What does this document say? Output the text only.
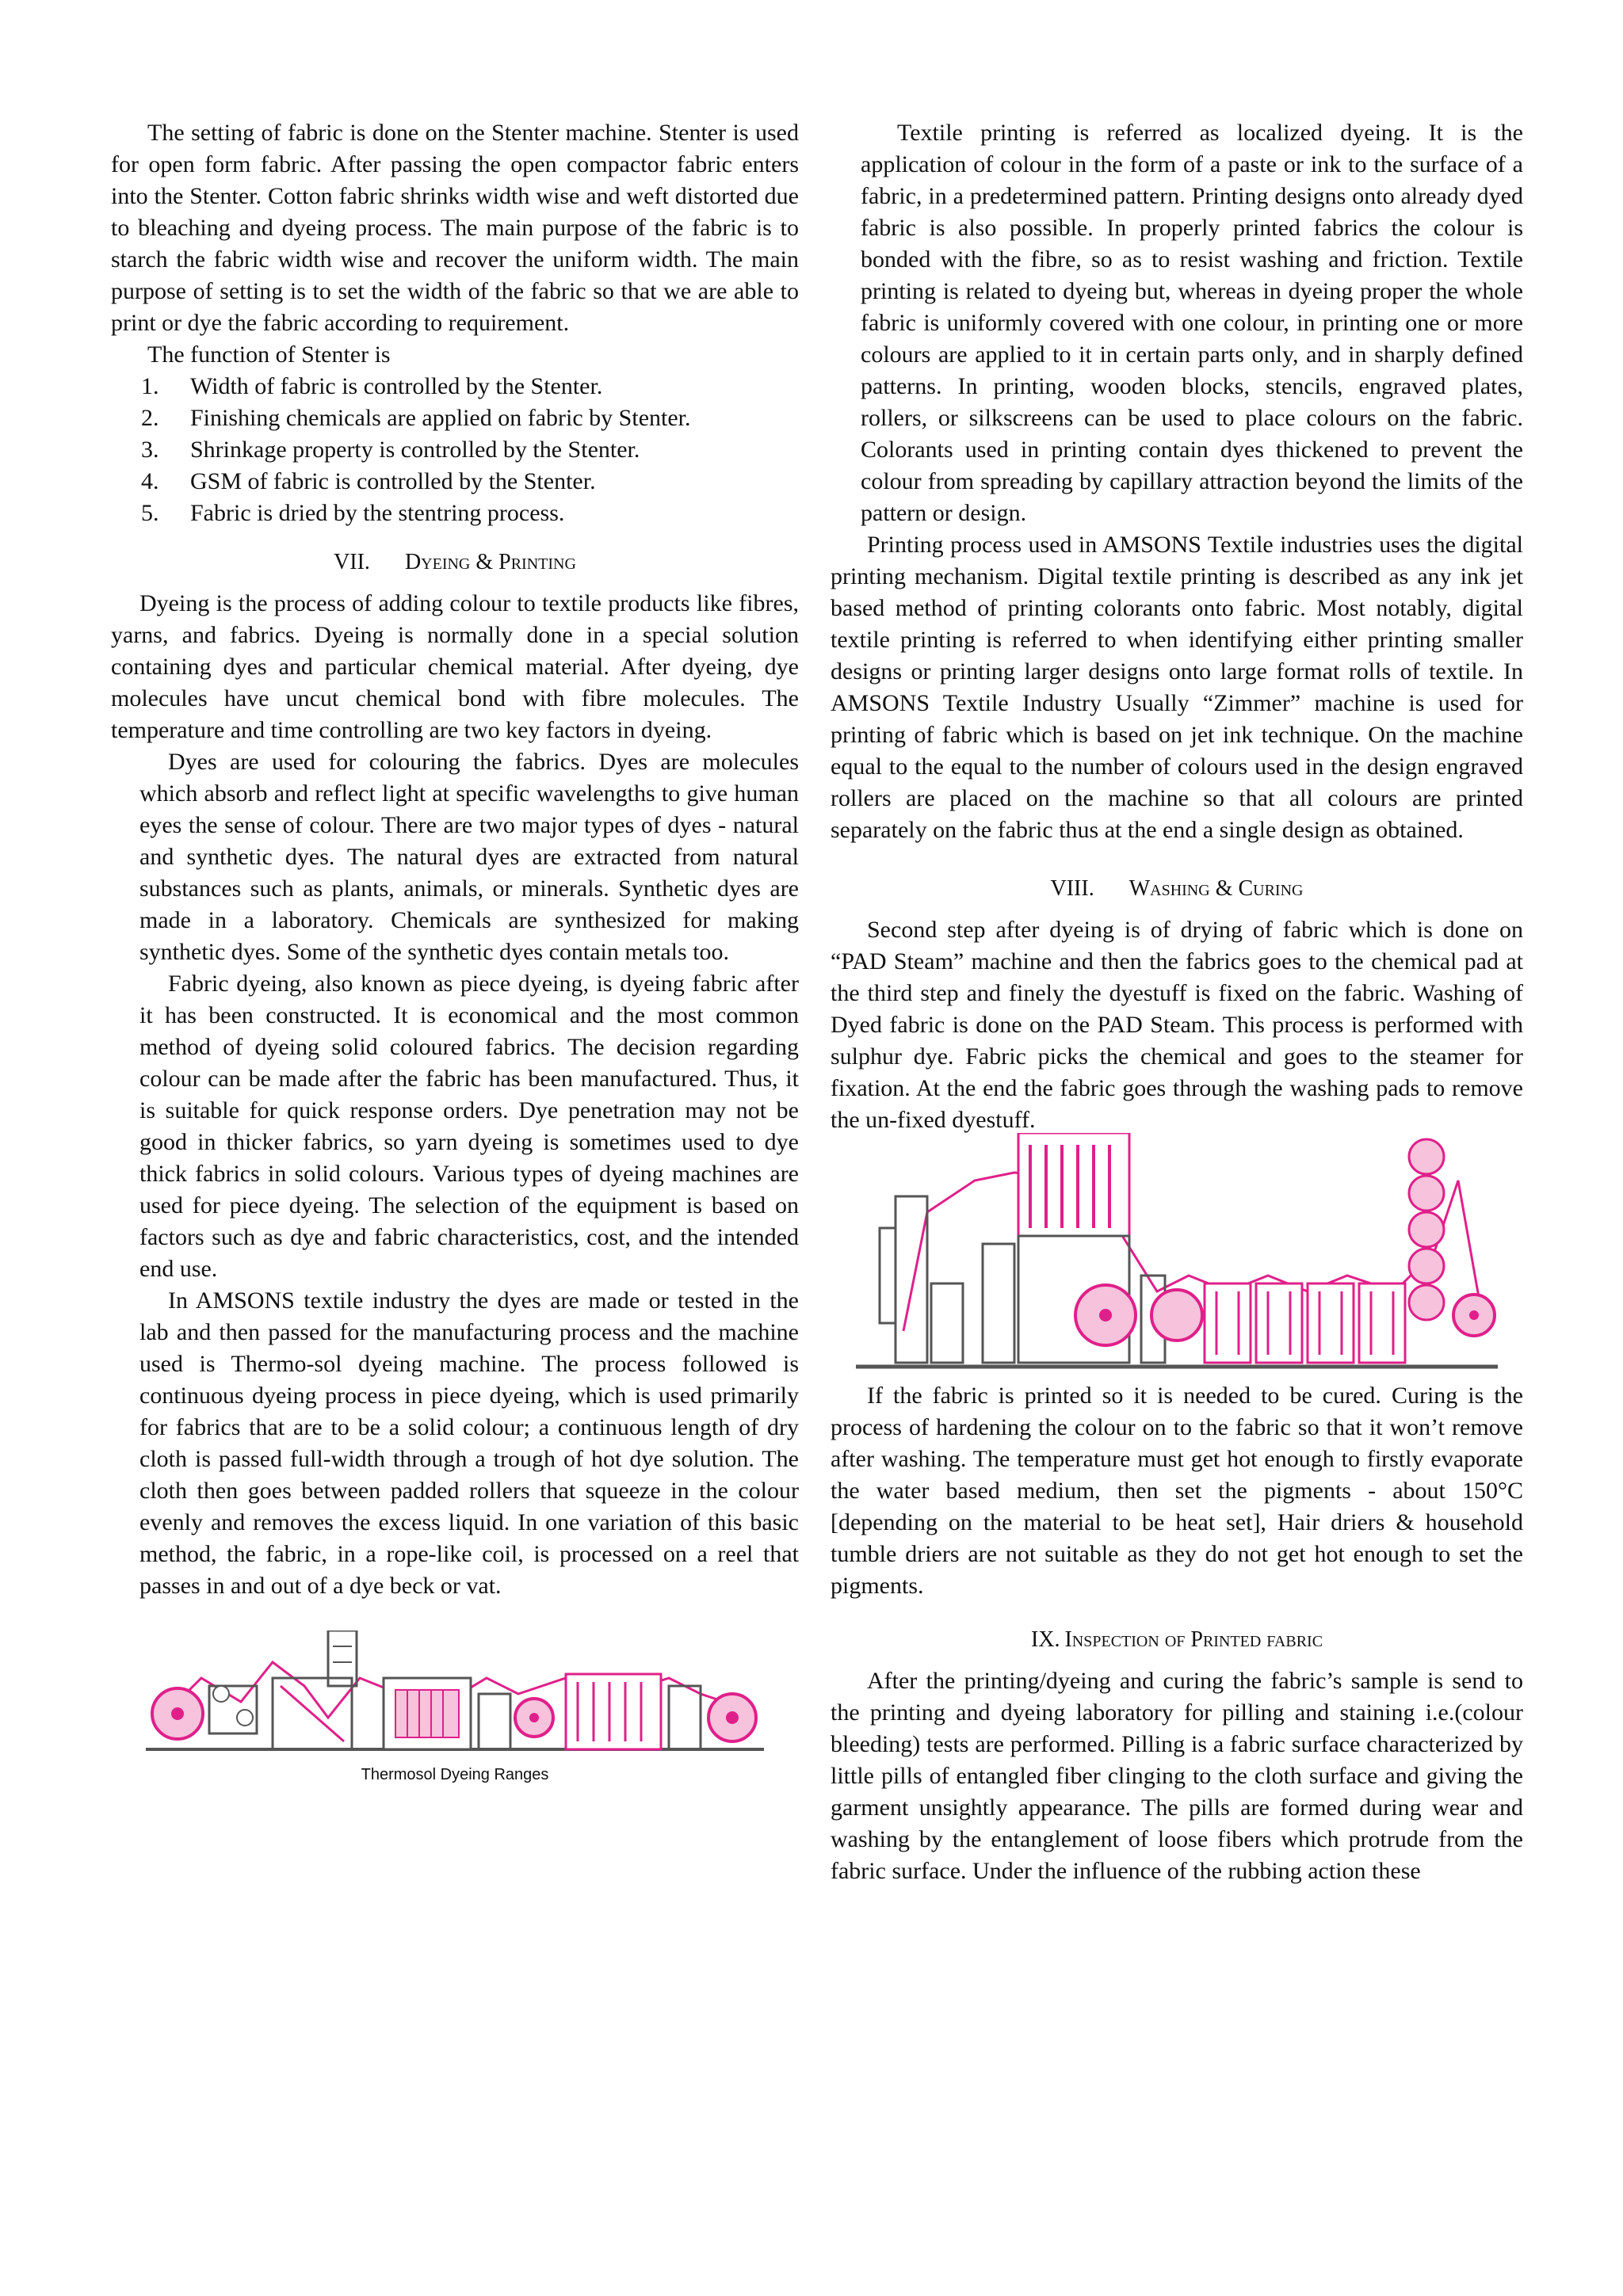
The setting of fabric is done on the Stenter machine. Stenter is used for open form fabric. After passing the open compactor fabric enters into the Stenter. Cotton fabric shrinks width wise and weft distorted due to bleaching and dyeing process. The main purpose of the fabric is to starch the fabric width wise and recover the uniform width. The main purpose of setting is to set the width of the fabric so that we are able to print or dye the fabric according to requirement.

The function of Stenter is

1. Width of fabric is controlled by the Stenter.
2. Finishing chemicals are applied on fabric by Stenter.
3. Shrinkage property is controlled by the Stenter.
4. GSM of fabric is controlled by the Stenter.
5. Fabric is dried by the stentring process.
VII. Dyeing & Printing

Dyeing is the process of adding colour to textile products like fibres, yarns, and fabrics. Dyeing is normally done in a special solution containing dyes and particular chemical material. After dyeing, dye molecules have uncut chemical bond with fibre molecules. The temperature and time controlling are two key factors in dyeing.

Dyes are used for colouring the fabrics. Dyes are molecules which absorb and reflect light at specific wavelengths to give human eyes the sense of colour. There are two major types of dyes - natural and synthetic dyes. The natural dyes are extracted from natural substances such as plants, animals, or minerals. Synthetic dyes are made in a laboratory. Chemicals are synthesized for making synthetic dyes. Some of the synthetic dyes contain metals too.

Fabric dyeing, also known as piece dyeing, is dyeing fabric after it has been constructed. It is economical and the most common method of dyeing solid coloured fabrics. The decision regarding colour can be made after the fabric has been manufactured. Thus, it is suitable for quick response orders. Dye penetration may not be good in thicker fabrics, so yarn dyeing is sometimes used to dye thick fabrics in solid colours. Various types of dyeing machines are used for piece dyeing. The selection of the equipment is based on factors such as dye and fabric characteristics, cost, and the intended end use.

In AMSONS textile industry the dyes are made or tested in the lab and then passed for the manufacturing process and the machine used is Thermo-sol dyeing machine. The process followed is continuous dyeing process in piece dyeing, which is used primarily for fabrics that are to be a solid colour; a continuous length of dry cloth is passed full-width through a trough of hot dye solution. The cloth then goes between padded rollers that squeeze in the colour evenly and removes the excess liquid. In one variation of this basic method, the fabric, in a rope-like coil, is processed on a reel that passes in and out of a dye beck or vat.

Thermosol Dyeing Ranges

Textile printing is referred as localized dyeing. It is the application of colour in the form of a paste or ink to the surface of a fabric, in a predetermined pattern. Printing designs onto already dyed fabric is also possible. In properly printed fabrics the colour is bonded with the fibre, so as to resist washing and friction. Textile printing is related to dyeing but, whereas in dyeing proper the whole fabric is uniformly covered with one colour, in printing one or more colours are applied to it in certain parts only, and in sharply defined patterns. In printing, wooden blocks, stencils, engraved plates, rollers, or silkscreens can be used to place colours on the fabric. Colorants used in printing contain dyes thickened to prevent the colour from spreading by capillary attraction beyond the limits of the pattern or design.

Printing process used in AMSONS Textile industries uses the digital printing mechanism. Digital textile printing is described as any ink jet based method of printing colorants onto fabric. Most notably, digital textile printing is referred to when identifying either printing smaller designs or printing larger designs onto large format rolls of textile. In AMSONS Textile Industry Usually “Zimmer” machine is used for printing of fabric which is based on jet ink technique. On the machine equal to the equal to the number of colours used in the design engraved rollers are placed on the machine so that all colours are printed separately on the fabric thus at the end a single design as obtained.

VIII. Washing & Curing

Second step after dyeing is of drying of fabric which is done on “PAD Steam” machine and then the fabrics goes to the chemical pad at the third step and finely the dyestuff is fixed on the fabric. Washing of Dyed fabric is done on the PAD Steam. This process is performed with sulphur dye. Fabric picks the chemical and goes to the steamer for fixation. At the end the fabric goes through the washing pads to remove the un-fixed dyestuff.

If the fabric is printed so it is needed to be cured. Curing is the process of hardening the colour on to the fabric so that it won’t remove after washing. The temperature must get hot enough to firstly evaporate the water based medium, then set the pigments - about 150°C [depending on the material to be heat set], Hair driers & household tumble driers are not suitable as they do not get hot enough to set the pigments.

IX. Inspection of Printed fabric

After the printing/dyeing and curing the fabric’s sample is send to the printing and dyeing laboratory for pilling and staining i.e.(colour bleeding) tests are performed. Pilling is a fabric surface characterized by little pills of entangled fiber clinging to the cloth surface and giving the garment unsightly appearance. The pills are formed during wear and washing by the entanglement of loose fibers which protrude from the fabric surface. Under the influence of the rubbing action these
